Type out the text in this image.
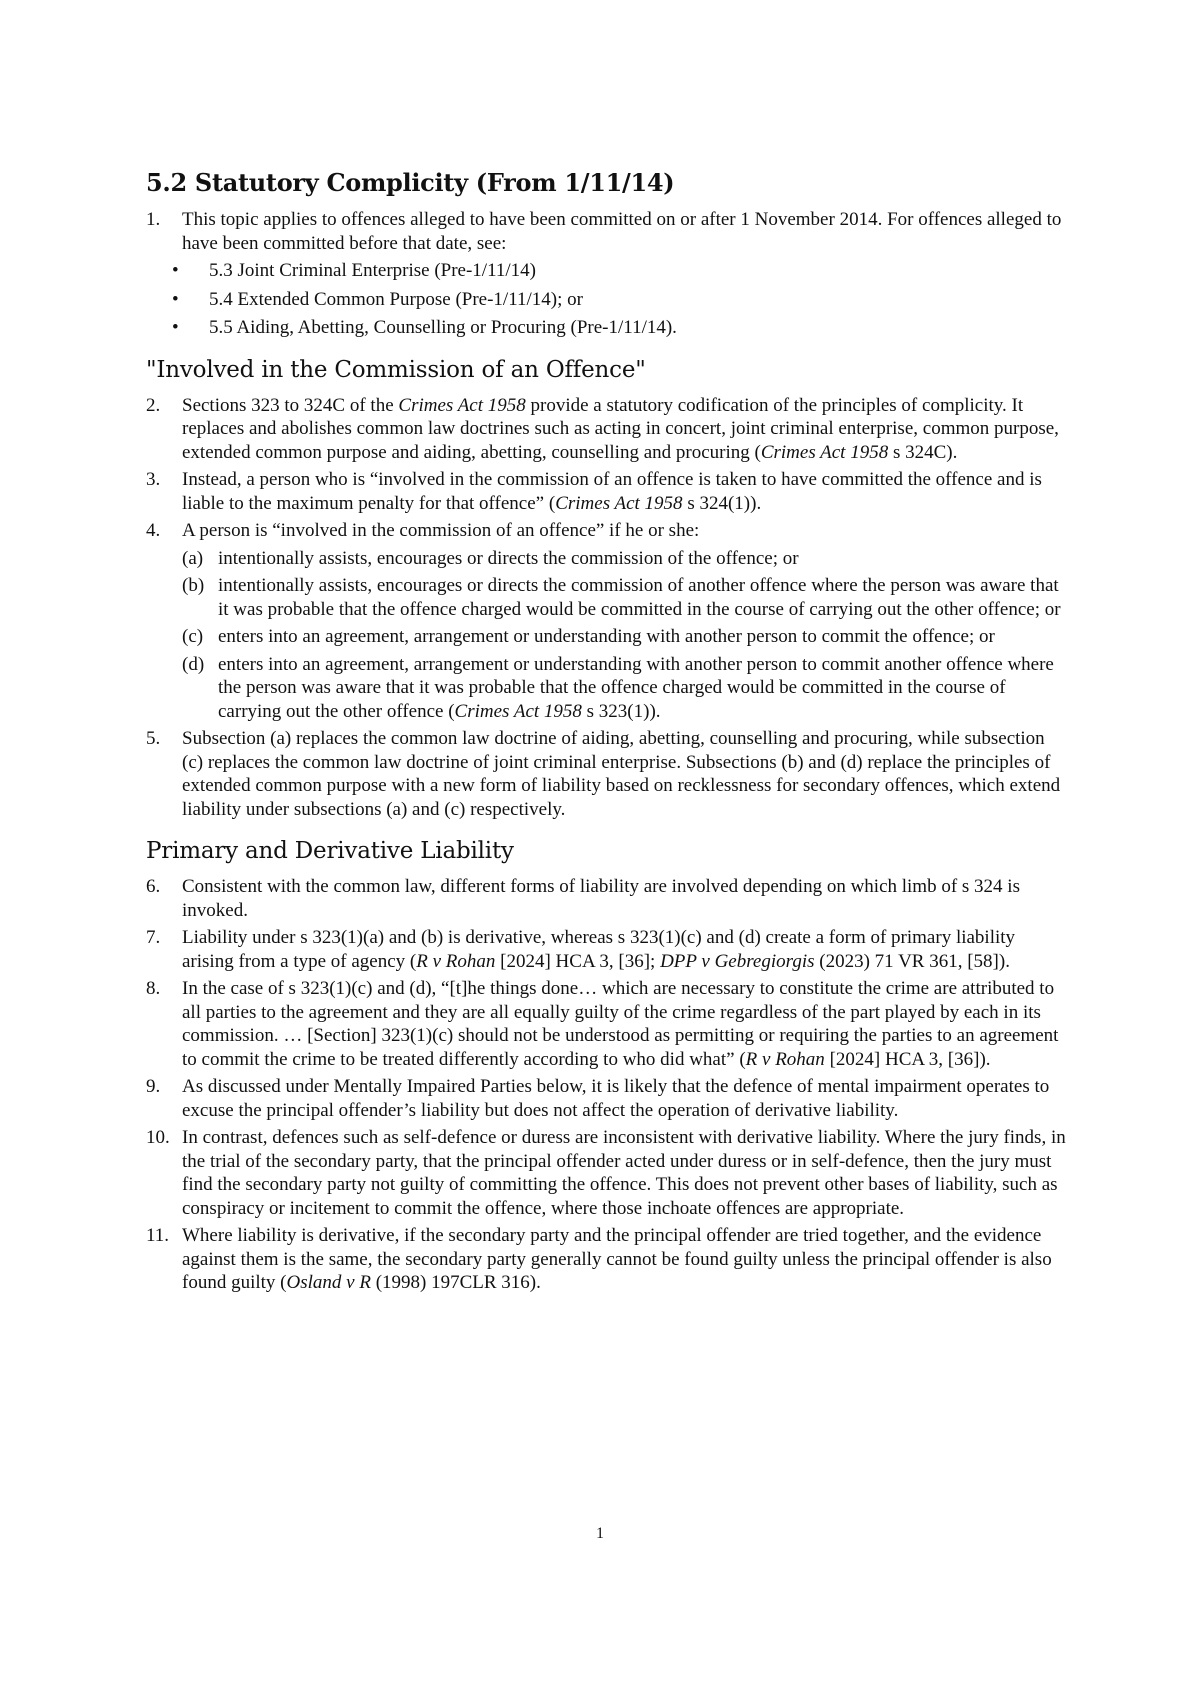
5.2 Statutory Complicity (From 1/11/14)
1. This topic applies to offences alleged to have been committed on or after 1 November 2014. For offences alleged to have been committed before that date, see:
• 5.3 Joint Criminal Enterprise (Pre-1/11/14)
• 5.4 Extended Common Purpose (Pre-1/11/14); or
• 5.5 Aiding, Abetting, Counselling or Procuring (Pre-1/11/14).
"Involved in the Commission of an Offence"
2. Sections 323 to 324C of the Crimes Act 1958 provide a statutory codification of the principles of complicity. It replaces and abolishes common law doctrines such as acting in concert, joint criminal enterprise, common purpose, extended common purpose and aiding, abetting, counselling and procuring (Crimes Act 1958 s 324C).
3. Instead, a person who is “involved in the commission of an offence is taken to have committed the offence and is liable to the maximum penalty for that offence” (Crimes Act 1958 s 324(1)).
4. A person is “involved in the commission of an offence” if he or she:
(a) intentionally assists, encourages or directs the commission of the offence; or
(b) intentionally assists, encourages or directs the commission of another offence where the person was aware that it was probable that the offence charged would be committed in the course of carrying out the other offence; or
(c) enters into an agreement, arrangement or understanding with another person to commit the offence; or
(d) enters into an agreement, arrangement or understanding with another person to commit another offence where the person was aware that it was probable that the offence charged would be committed in the course of carrying out the other offence (Crimes Act 1958 s 323(1)).
5. Subsection (a) replaces the common law doctrine of aiding, abetting, counselling and procuring, while subsection (c) replaces the common law doctrine of joint criminal enterprise. Subsections (b) and (d) replace the principles of extended common purpose with a new form of liability based on recklessness for secondary offences, which extend liability under subsections (a) and (c) respectively.
Primary and Derivative Liability
6. Consistent with the common law, different forms of liability are involved depending on which limb of s 324 is invoked.
7. Liability under s 323(1)(a) and (b) is derivative, whereas s 323(1)(c) and (d) create a form of primary liability arising from a type of agency (R v Rohan [2024] HCA 3, [36]; DPP v Gebregiorgis (2023) 71 VR 361, [58]).
8. In the case of s 323(1)(c) and (d), “[t]he things done… which are necessary to constitute the crime are attributed to all parties to the agreement and they are all equally guilty of the crime regardless of the part played by each in its commission. … [Section] 323(1)(c) should not be understood as permitting or requiring the parties to an agreement to commit the crime to be treated differently according to who did what” (R v Rohan [2024] HCA 3, [36]).
9. As discussed under Mentally Impaired Parties below, it is likely that the defence of mental impairment operates to excuse the principal offender’s liability but does not affect the operation of derivative liability.
10. In contrast, defences such as self-defence or duress are inconsistent with derivative liability. Where the jury finds, in the trial of the secondary party, that the principal offender acted under duress or in self-defence, then the jury must find the secondary party not guilty of committing the offence. This does not prevent other bases of liability, such as conspiracy or incitement to commit the offence, where those inchoate offences are appropriate.
11. Where liability is derivative, if the secondary party and the principal offender are tried together, and the evidence against them is the same, the secondary party generally cannot be found guilty unless the principal offender is also found guilty (Osland v R (1998) 197CLR 316).
1
